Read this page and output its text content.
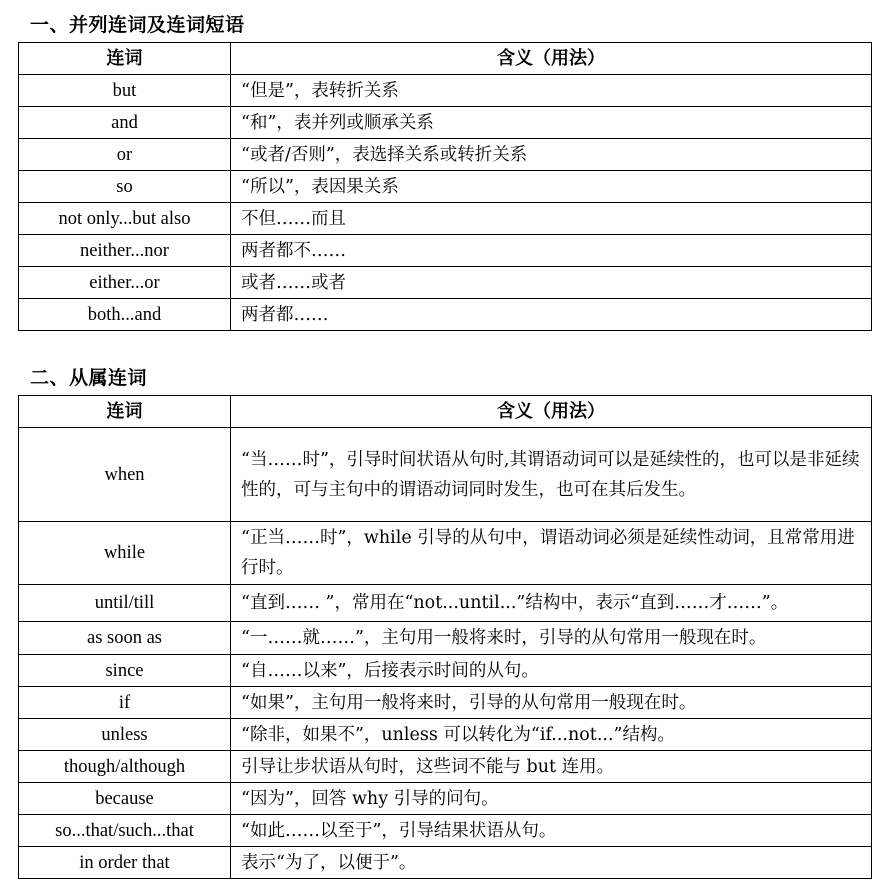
一、并列连词及连词短语
连词	含义（用法）
but	“但是”，表转折关系
and	“和”，表并列或顺承关系
or	“或者/否则”，表选择关系或转折关系
so	“所以”，表因果关系
not only...but also	不但……而且
neither...nor	两者都不……
either...or	或者……或者
both...and	两者都……
二、从属连词
连词	含义（用法）
when	“当……时”，引导时间状语从句时,其谓语动词可以是延续性的，也可以是非延续性的，可与主句中的谓语动词同时发生，也可在其后发生。
while	“正当……时”，while 引导的从句中，谓语动词必须是延续性动词，且常常用进行时。
until/till	“直到…… ”，常用在“not...until...”结构中，表示“直到……才……”。
as soon as	“一……就……”，主句用一般将来时，引导的从句常用一般现在时。
since	“自……以来”，后接表示时间的从句。
if	“如果”，主句用一般将来时，引导的从句常用一般现在时。
unless	“除非，如果不”，unless 可以转化为“if...not...”结构。
though/although	引导让步状语从句时，这些词不能与 but 连用。
because	“因为”，回答 why 引导的问句。
so...that/such...that	“如此……以至于”，引导结果状语从句。
in order that	表示“为了，以便于”。
